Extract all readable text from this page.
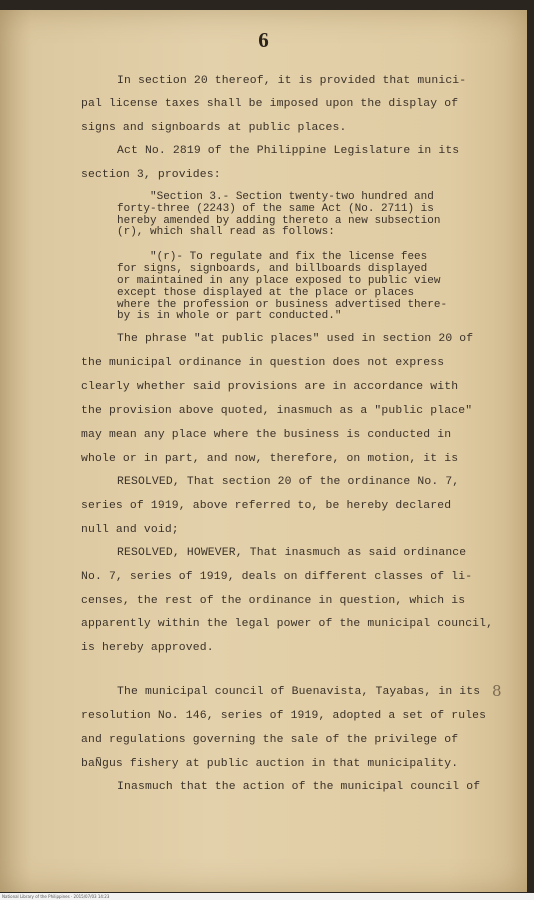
6
In section 20 thereof, it is provided that munici-
pal license taxes shall be imposed upon the display of
signs and signboards at public places.
Act No. 2819 of the Philippine Legislature in its
section 3, provides:
"Section 3.- Section twenty-two hundred and
forty-three (2243) of the same Act (No. 2711) is
hereby amended by adding thereto a new subsection
(r), which shall read as follows:
"(r)- To regulate and fix the license fees
for signs, signboards, and billboards displayed
or maintained in any place exposed to public view
except those displayed at the place or places
where the profession or business advertised there-
by is in whole or part conducted."
The phrase "at public places" used in section 20 of
the municipal ordinance in question does not express
clearly whether said provisions are in accordance with
the provision above quoted, inasmuch as a "public place"
may mean any place where the business is conducted in
whole or in part, and now, therefore, on motion, it is
RESOLVED, That section 20 of the ordinance No. 7,
series of 1919, above referred to, be hereby declared
null and void;
RESOLVED, HOWEVER, That inasmuch as said ordinance
No. 7, series of 1919, deals on different classes of li-
censes, the rest of the ordinance in question, which is
apparently within the legal power of the municipal council,
is hereby approved.
The municipal council of Buenavista, Tayabas, in its
resolution No. 146, series of 1919, adopted a set of rules
and regulations governing the sale of the privilege of
baÑgus fishery at public auction in that municipality.
Inasmuch that the action of the municipal council of
8
National Library of the Philippines · 2015/07/03 14:23
